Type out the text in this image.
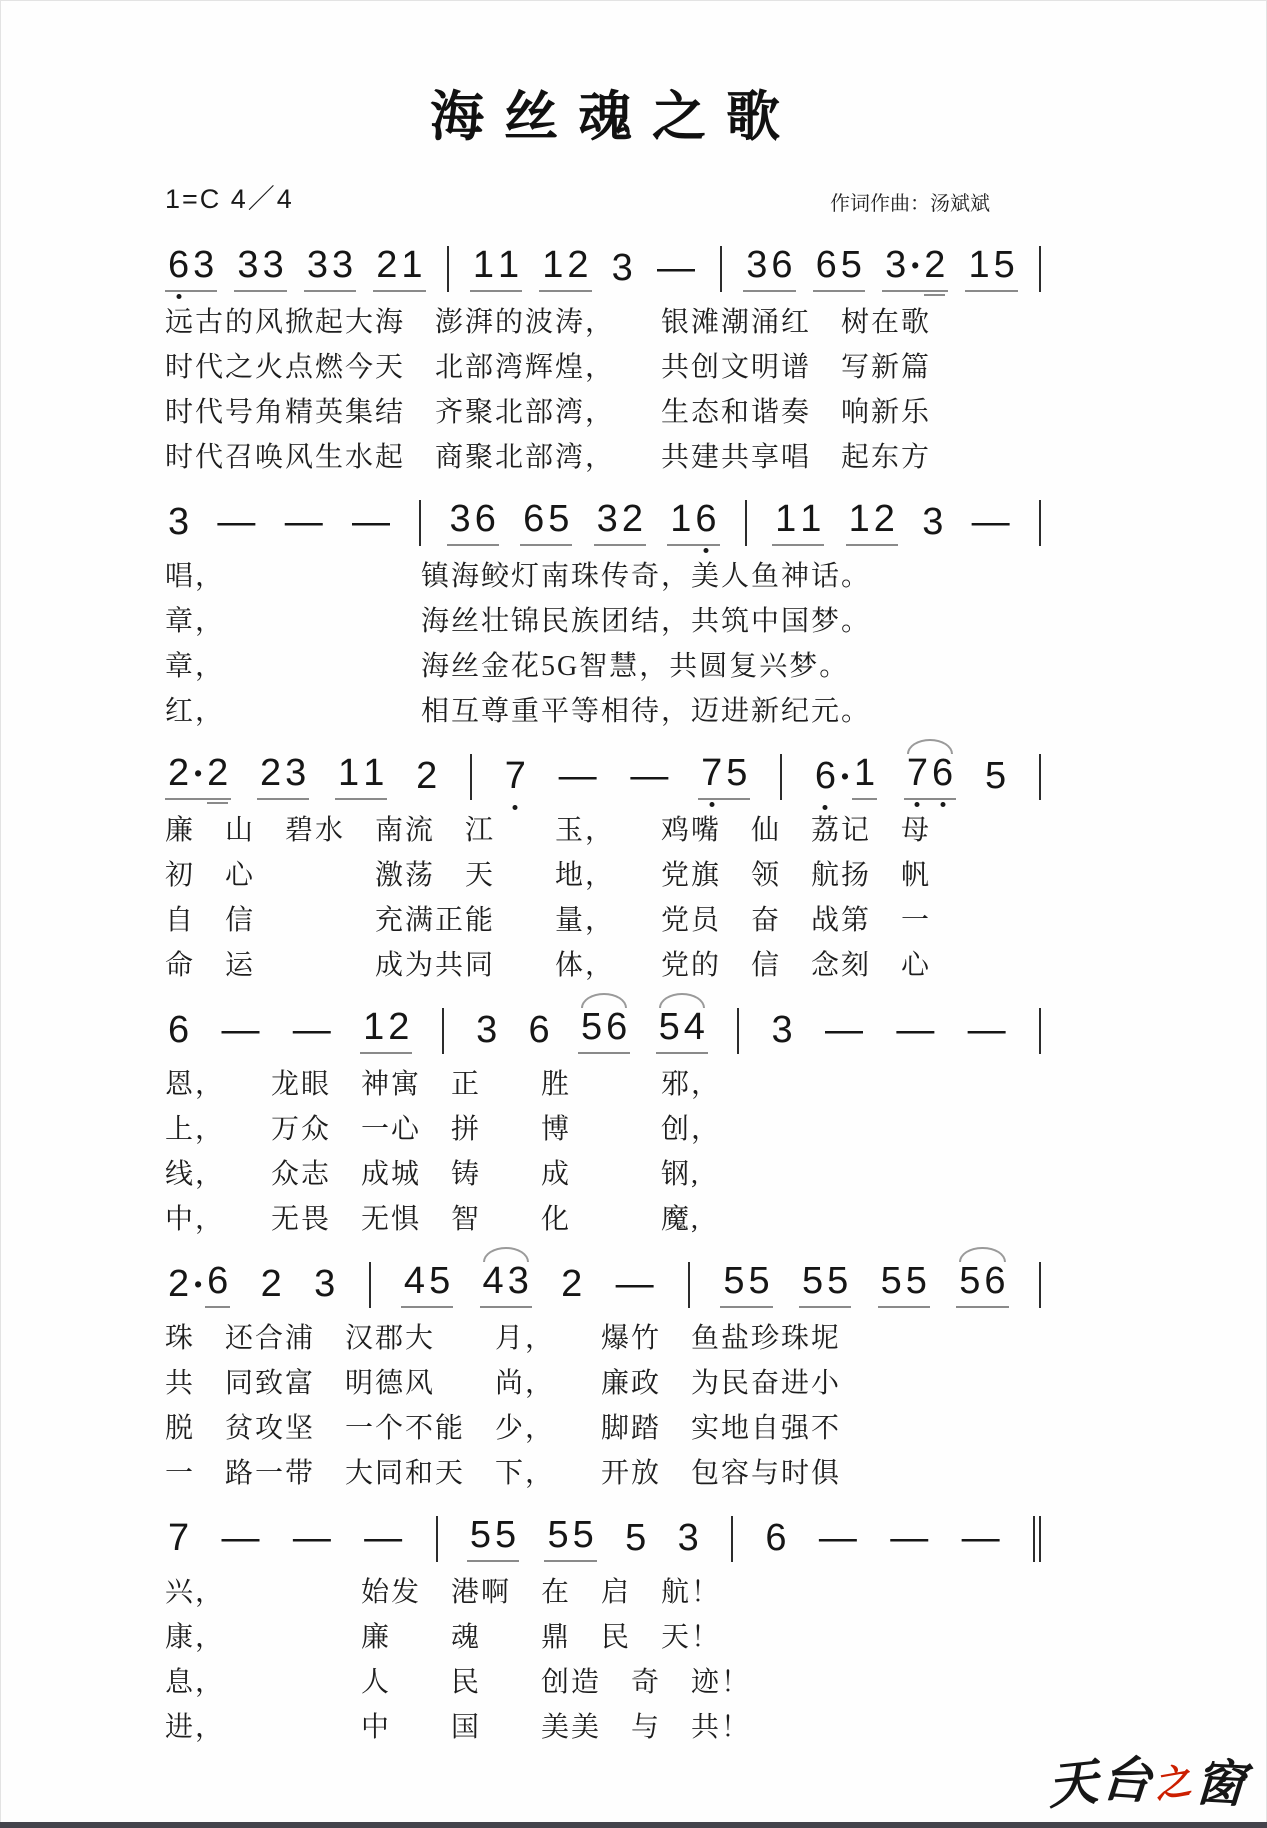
海丝魂之歌
1=C 4／4	作词作曲：汤斌斌
6 3 3 3 3 3 2 1 1 1 1 2 3 — 3 6 6 5 3 • 2 1 5
远古的风掀起大海　澎湃的波涛，　　银滩潮涌红　树在歌
时代之火点燃今天　北部湾辉煌，　　共创文明谱　写新篇
时代号角精英集结　齐聚北部湾，　　生态和谐奏　响新乐
时代召唤风生水起　商聚北部湾，　　共建共享唱　起东方
3 — — — 3 6 6 5 3 2 1 6 1 1 1 2 3 —
唱，　　　　　　　镇海鲛灯南珠传奇，美人鱼神话。
章，　　　　　　　海丝壮锦民族团结，共筑中国梦。
章，　　　　　　　海丝金花5G智慧，共圆复兴梦。
红，　　　　　　　相互尊重平等相待，迈进新纪元。
2 • 2 2 3 1 1 2 7 — — 7 5 6 • 1 7 6 5
廉　山　碧水　南流　江　　玉，　　鸡嘴　仙　荔记　母
初　心　　　　激荡　天　　地，　　党旗　领　航扬　帆
自　信　　　　充满正能　　量，　　党员　奋　战第　一
命　运　　　　成为共同　　体，　　党的　信　念刻　心
6 — — 1 2 3 6 5 6 5 4 3 — — —
恩，　　龙眼　神寓　正　　胜　　　邪，
上，　　万众　一心　拼　　博　　　创，
线，　　众志　成城　铸　　成　　　钢,
中，　　无畏　无惧　智　　化　　　魔,
2 • 6 2 3 4 5 4 3 2 — 5 5 5 5 5 5 5 6
珠　还合浦　汉郡大　　月，　　爆竹　鱼盐珍珠坭
共　同致富　明德风　　尚，　　廉政　为民奋进小
脱　贫攻坚　一个不能　少，　　脚踏　实地自强不
一　路一带　大同和天　下，　　开放　包容与时俱
7 — — — 5 5 5 5 5 3 6 — — —
兴，　　　　　始发　港啊　在　启　航！
康，　　　　　廉　　魂　　鼎　民　天！
息，　　　　　人　　民　　创造　奇　迹！
进，　　　　　中　　国　　美美　与　共！
天台之窗
